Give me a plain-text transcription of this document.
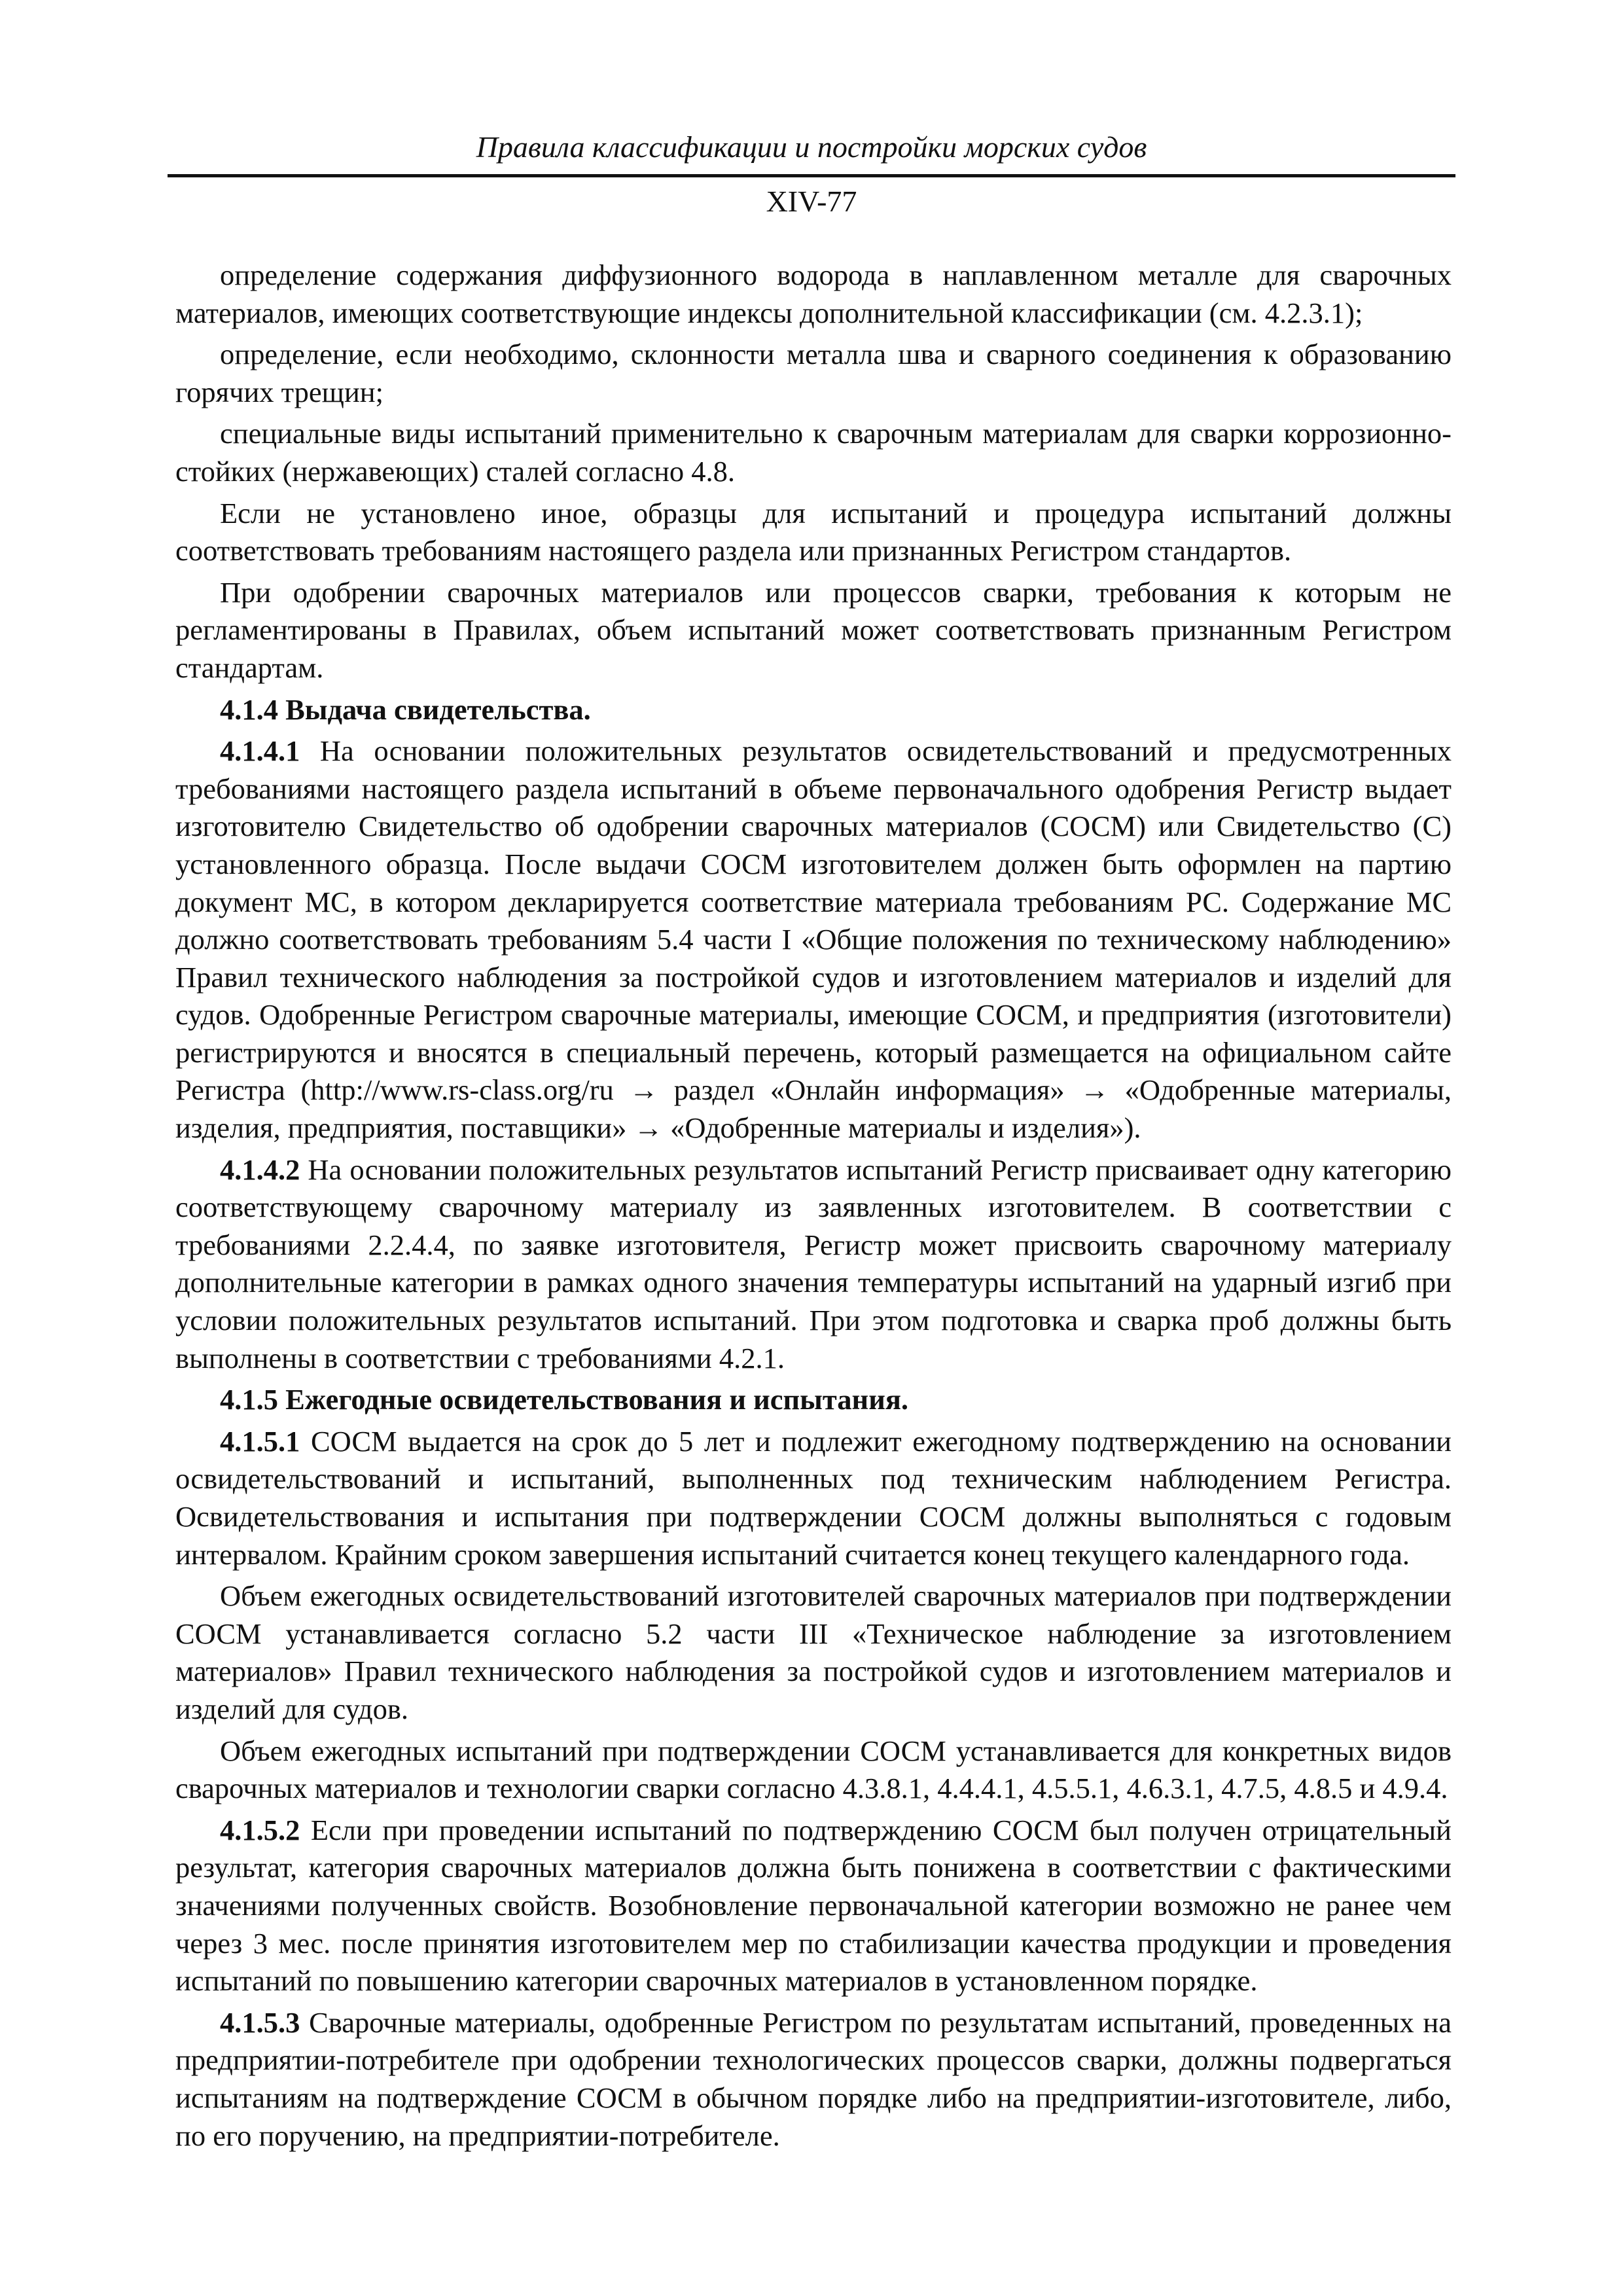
Правила классификации и постройки морских судов
XIV-77

определение содержания диффузионного водорода в наплавленном металле для сварочных материалов, имеющих соответствующие индексы дополнительной классификации (см. 4.2.3.1);

определение, если необходимо, склонности металла шва и сварного соединения к образованию горячих трещин;

специальные виды испытаний применительно к сварочным материалам для сварки коррозионно-стойких (нержавеющих) сталей согласно 4.8.

Если не установлено иное, образцы для испытаний и процедура испытаний должны соответствовать требованиям настоящего раздела или признанных Регистром стандартов.

При одобрении сварочных материалов или процессов сварки, требования к которым не регламентированы в Правилах, объем испытаний может соответствовать признанным Регистром стандартам.

4.1.4 Выдача свидетельства.

4.1.4.1 На основании положительных результатов освидетельствований и предусмотренных требованиями настоящего раздела испытаний в объеме первоначального одобрения Регистр выдает изготовителю Свидетельство об одобрении сварочных материалов (СОСМ) или Свидетельство (С) установленного образца. После выдачи СОСМ изготовителем должен быть оформлен на партию документ МС, в котором декларируется соответствие материала требованиям РС. Содержание МС должно соответствовать требованиям 5.4 части I «Общие положения по техническому наблюдению» Правил технического наблюдения за постройкой судов и изготовлением материалов и изделий для судов. Одобренные Регистром сварочные материалы, имеющие СОСМ, и предприятия (изготовители) регистрируются и вносятся в специальный перечень, который размещается на официальном сайте Регистра (http://www.rs-class.org/ru → раздел «Онлайн информация» → «Одобренные материалы, изделия, предприятия, поставщики» → «Одобренные материалы и изделия»).

4.1.4.2 На основании положительных результатов испытаний Регистр присваивает одну категорию соответствующему сварочному материалу из заявленных изготовителем. В соответствии с требованиями 2.2.4.4, по заявке изготовителя, Регистр может присвоить сварочному материалу дополнительные категории в рамках одного значения температуры испытаний на ударный изгиб при условии положительных результатов испытаний. При этом подготовка и сварка проб должны быть выполнены в соответствии с требованиями 4.2.1.

4.1.5 Ежегодные освидетельствования и испытания.

4.1.5.1 СОСМ выдается на срок до 5 лет и подлежит ежегодному подтверждению на основании освидетельствований и испытаний, выполненных под техническим наблюдением Регистра. Освидетельствования и испытания при подтверждении СОСМ должны выполняться с годовым интервалом. Крайним сроком завершения испытаний считается конец текущего календарного года.

Объем ежегодных освидетельствований изготовителей сварочных материалов при подтверждении СОСМ устанавливается согласно 5.2 части III «Техническое наблюдение за изготовлением материалов» Правил технического наблюдения за постройкой судов и изготовлением материалов и изделий для судов.

Объем ежегодных испытаний при подтверждении СОСМ устанавливается для конкретных видов сварочных материалов и технологии сварки согласно 4.3.8.1, 4.4.4.1, 4.5.5.1, 4.6.3.1, 4.7.5, 4.8.5 и 4.9.4.

4.1.5.2 Если при проведении испытаний по подтверждению СОСМ был получен отрицательный результат, категория сварочных материалов должна быть понижена в соответствии с фактическими значениями полученных свойств. Возобновление первоначальной категории возможно не ранее чем через 3 мес. после принятия изготовителем мер по стабилизации качества продукции и проведения испытаний по повышению категории сварочных материалов в установленном порядке.

4.1.5.3 Сварочные материалы, одобренные Регистром по результатам испытаний, проведенных на предприятии-потребителе при одобрении технологических процессов сварки, должны подвергаться испытаниям на подтверждение СОСМ в обычном порядке либо на предприятии-изготовителе, либо, по его поручению, на предприятии-потребителе.
